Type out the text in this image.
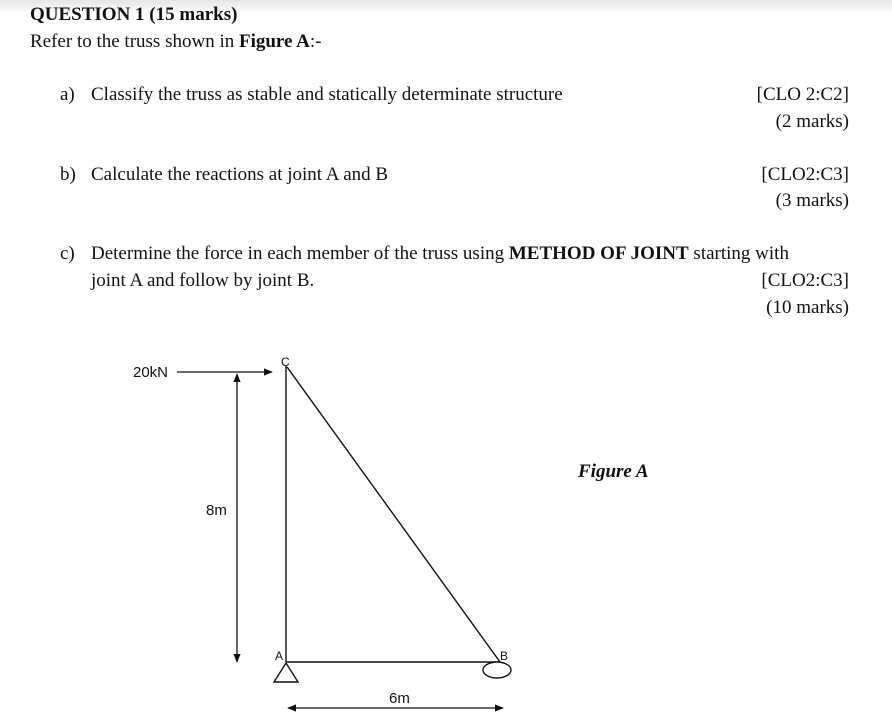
QUESTION 1 (15 marks)
Refer to the truss shown in Figure A:-
a) Classify the truss as stable and statically determinate structure	[CLO 2:C2]
(2 marks)
b) Calculate the reactions at joint A and B	[CLO2:C3]
(3 marks)
c) Determine the force in each member of the truss using METHOD OF JOINT starting with
joint A and follow by joint B.	[CLO2:C3]
(10 marks)
20kN
8m
C
A	B
6m
Figure A
